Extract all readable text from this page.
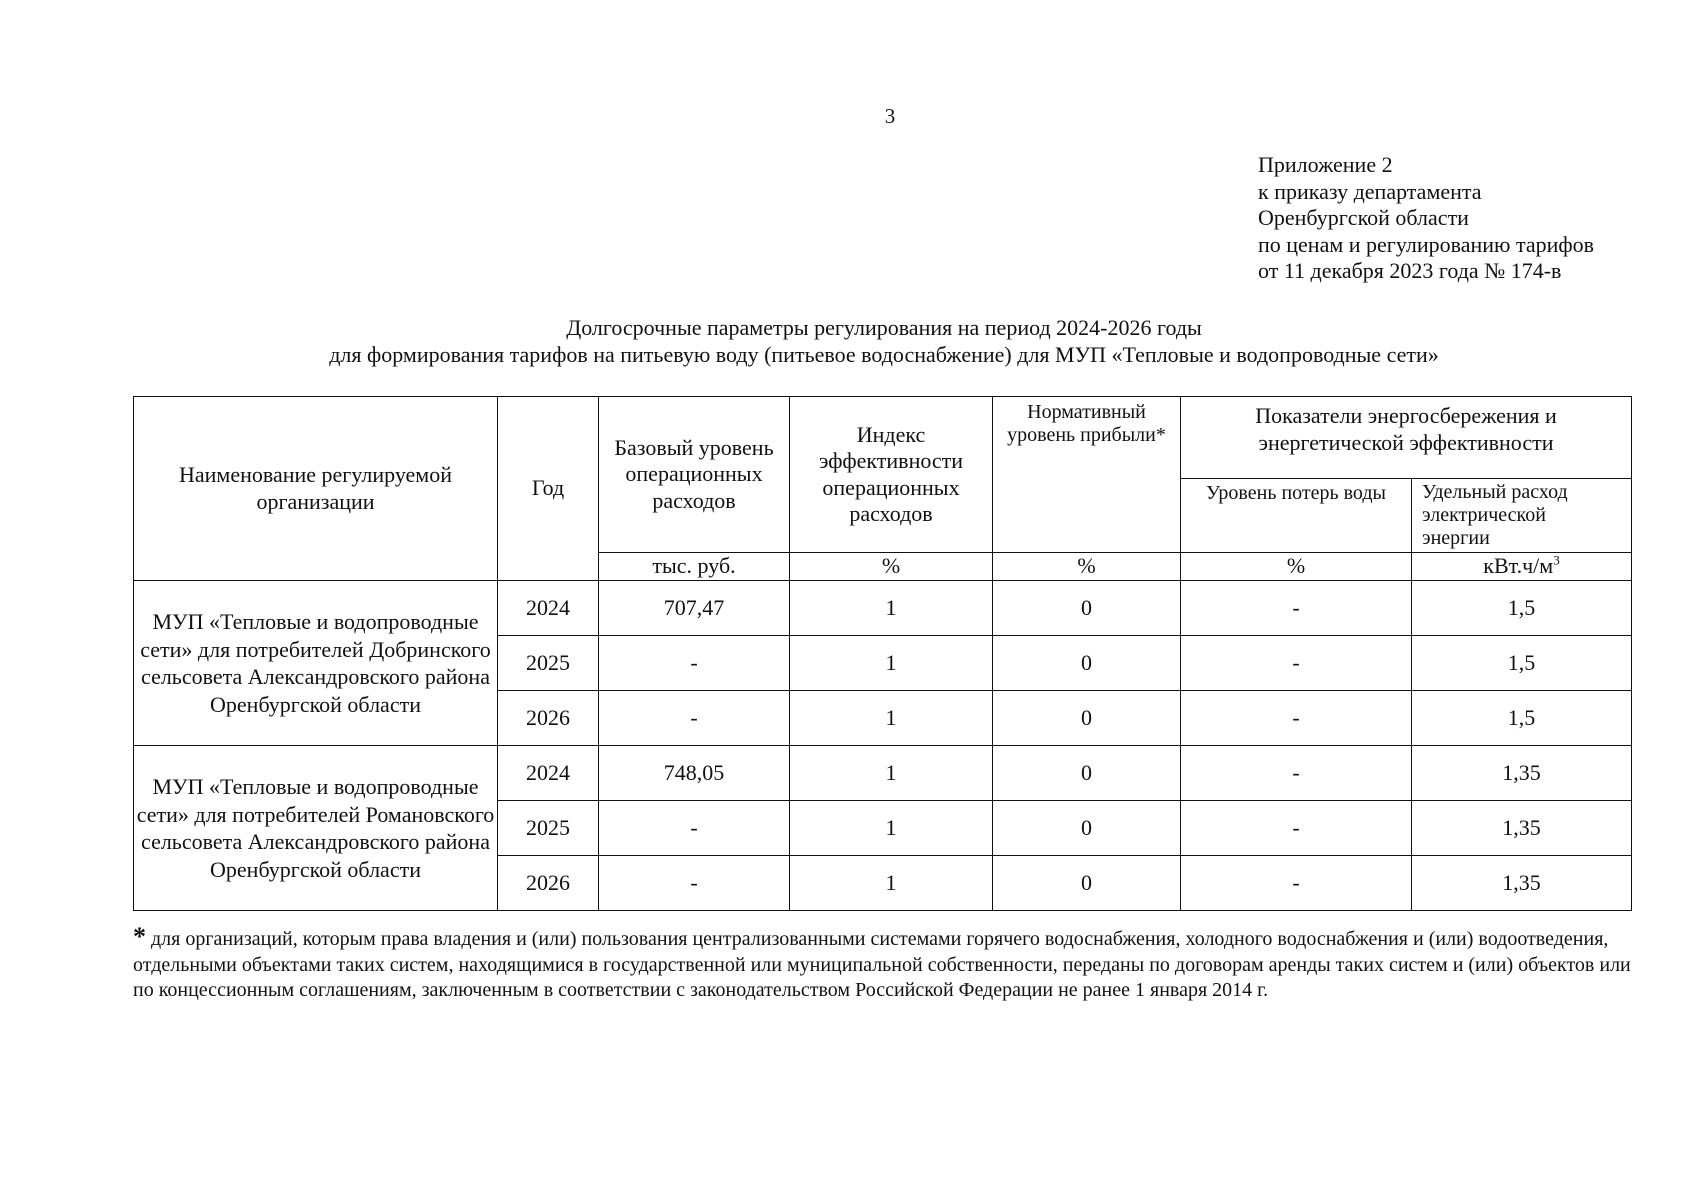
3
Приложение 2
к приказу департамента
Оренбургской области
по ценам и регулированию тарифов
от 11 декабря 2023 года № 174-в
Долгосрочные параметры регулирования на период 2024-2026 годы
для формирования тарифов на питьевую воду (питьевое водоснабжение) для МУП «Тепловые и водопроводные сети»
Наименование регулируемой организации	Год	Базовый уровень операционных расходов	Индекс эффективности операционных расходов	Нормативный уровень прибыли*	Показатели энергосбережения и энергетической эффективности	
					Уровень потерь воды	Удельный расход электрической энергии
		тыс. руб.	%	%	%	$кВт.ч/м^3$
МУП «Тепловые и водопроводные сети» для потребителей Добринского сельсовета Александровского района Оренбургской области	2024	707,47	1	0	-	1,5
	2025	-	1	0	-	1,5
	2026	-	1	0	-	1,5
МУП «Тепловые и водопроводные сети» для потребителей Романовского сельсовета Александровского района Оренбургской области	2024	748,05	1	0	-	1,35
	2025	-	1	0	-	1,35
	2026	-	1	0	-	1,35
* для организаций, которым права владения и (или) пользования централизованными системами горячего водоснабжения, холодного водоснабжения и (или) водоотведения, отдельными объектами таких систем, находящимися в государственной или муниципальной собственности, переданы по договорам аренды таких систем и (или) объектов или по концессионным соглашениям, заключенным в соответствии с законодательством Российской Федерации не ранее 1 января 2014 г.
